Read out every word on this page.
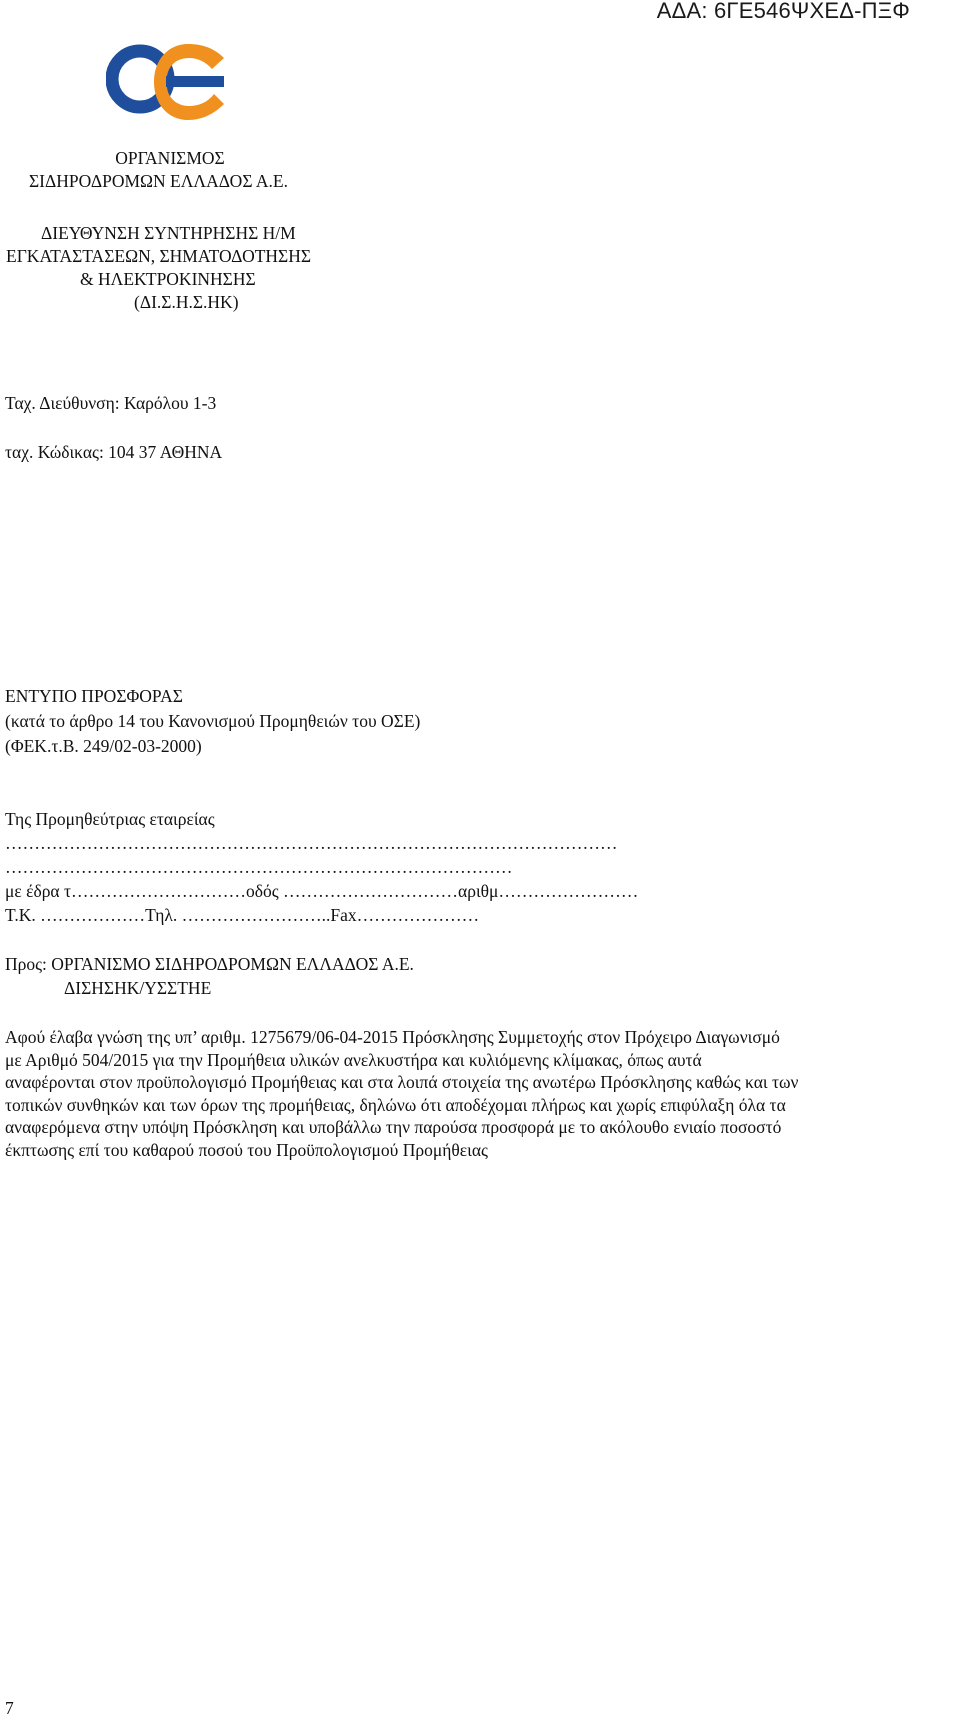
ΑΔΑ: 6ΓΕ546ΨΧΕΔ-ΠΞΦ
ΟΡΓΑΝΙΣΜΟΣ
ΣΙΔΗΡΟΔΡΟΜΩΝ ΕΛΛΑΔΟΣ Α.Ε.
ΔΙΕΥΘΥΝΣΗ ΣΥΝΤΗΡΗΣΗΣ Η/Μ
ΕΓΚΑΤΑΣΤΑΣΕΩΝ, ΣΗΜΑΤΟΔΟΤΗΣΗΣ
& ΗΛΕΚΤΡΟΚΙΝΗΣΗΣ
(ΔΙ.Σ.Η.Σ.ΗΚ)
Ταχ. Διεύθυνση: Καρόλου 1-3
ταχ. Κώδικας: 104 37 ΑΘΗΝΑ
ΕΝΤΥΠΟ ΠΡΟΣΦΟΡΑΣ
(κατά το άρθρο 14 του Κανονισμού Προμηθειών του ΟΣΕ)
(ΦΕΚ.τ.Β. 249/02-03-2000)
Της Προμηθεύτριας εταιρείας
……………………………………………………………………………………………
……………………………………………………………………………
με έδρα τ…………………………οδός …………………………αριθμ……………………
Τ.Κ. ………………Τηλ. ……………………..Fax…………………
Προς: ΟΡΓΑΝΙΣΜΟ ΣΙΔΗΡΟΔΡΟΜΩΝ ΕΛΛΑΔΟΣ Α.Ε.
ΔΙΣΗΣΗΚ/ΥΣΣΤΗΕ
Αφού έλαβα γνώση της υπ’ αριθμ. 1275679/06-04-2015 Πρόσκλησης Συμμετοχής στον Πρόχειρο Διαγωνισμό
με Αριθμό 504/2015 για την Προμήθεια υλικών ανελκυστήρα και κυλιόμενης κλίμακας, όπως αυτά
αναφέρονται στον προϋπολογισμό Προμήθειας και στα λοιπά στοιχεία της ανωτέρω Πρόσκλησης καθώς και των
τοπικών συνθηκών και των όρων της προμήθειας, δηλώνω ότι αποδέχομαι πλήρως και χωρίς επιφύλαξη όλα τα
αναφερόμενα στην υπόψη Πρόσκληση και υποβάλλω την παρούσα προσφορά με το ακόλουθο ενιαίο ποσοστό
έκπτωσης επί του καθαρού ποσού του Προϋπολογισμού Προμήθειας
7
